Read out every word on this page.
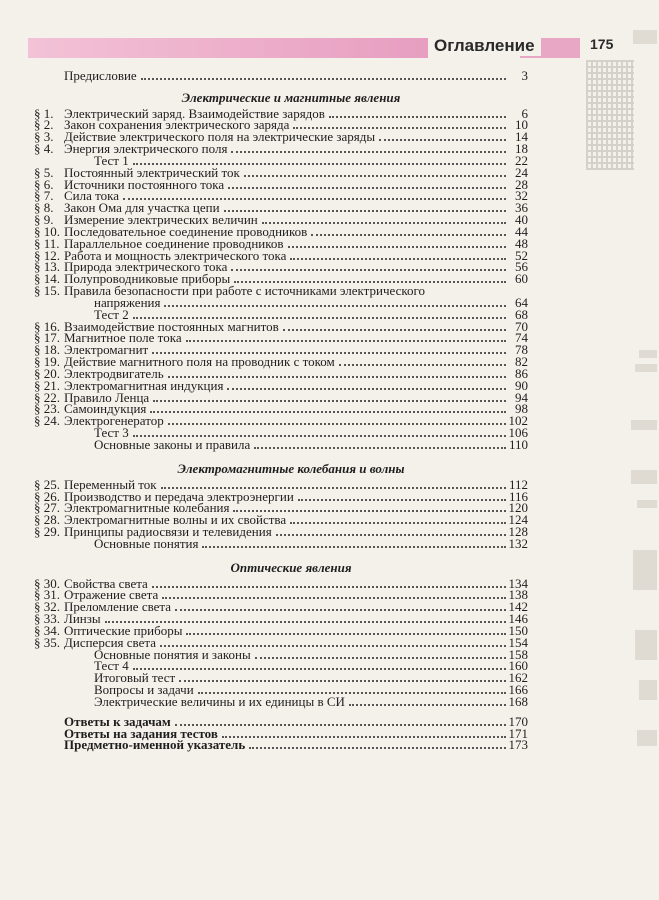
Оглавление	175
Предисловие	3
Электрические и магнитные явления
§ 1. Электрический заряд. Взаимодействие зарядов	6
§ 2. Закон сохранения электрического заряда	10
§ 3. Действие электрического поля на электрические заряды	14
§ 4. Энергия электрического поля	18
Тест 1	22
§ 5. Постоянный электрический ток	24
§ 6. Источники постоянного тока	28
§ 7. Сила тока	32
§ 8. Закон Ома для участка цепи	36
§ 9. Измерение электрических величин	40
§ 10. Последовательное соединение проводников	44
§ 11. Параллельное соединение проводников	48
§ 12. Работа и мощность электрического тока	52
§ 13. Природа электрического тока	56
§ 14. Полупроводниковые приборы	60
§ 15. Правила безопасности при работе с источниками электрического
напряжения	64
Тест 2	68
§ 16. Взаимодействие постоянных магнитов	70
§ 17. Магнитное поле тока	74
§ 18. Электромагнит	78
§ 19. Действие магнитного поля на проводник с током	82
§ 20. Электродвигатель	86
§ 21. Электромагнитная индукция	90
§ 22. Правило Ленца	94
§ 23. Самоиндукция	98
§ 24. Электрогенератор	102
Тест 3	106
Основные законы и правила	110
Электромагнитные колебания и волны
§ 25. Переменный ток	112
§ 26. Производство и передача электроэнергии	116
§ 27. Электромагнитные колебания	120
§ 28. Электромагнитные волны и их свойства	124
§ 29. Принципы радиосвязи и телевидения	128
Основные понятия	132
Оптические явления
§ 30. Свойства света	134
§ 31. Отражение света	138
§ 32. Преломление света	142
§ 33. Линзы	146
§ 34. Оптические приборы	150
§ 35. Дисперсия света	154
Основные понятия и законы	158
Тест 4	160
Итоговый тест	162
Вопросы и задачи	166
Электрические величины и их единицы в СИ	168
Ответы к задачам	170
Ответы на задания тестов	171
Предметно-именной указатель	173
